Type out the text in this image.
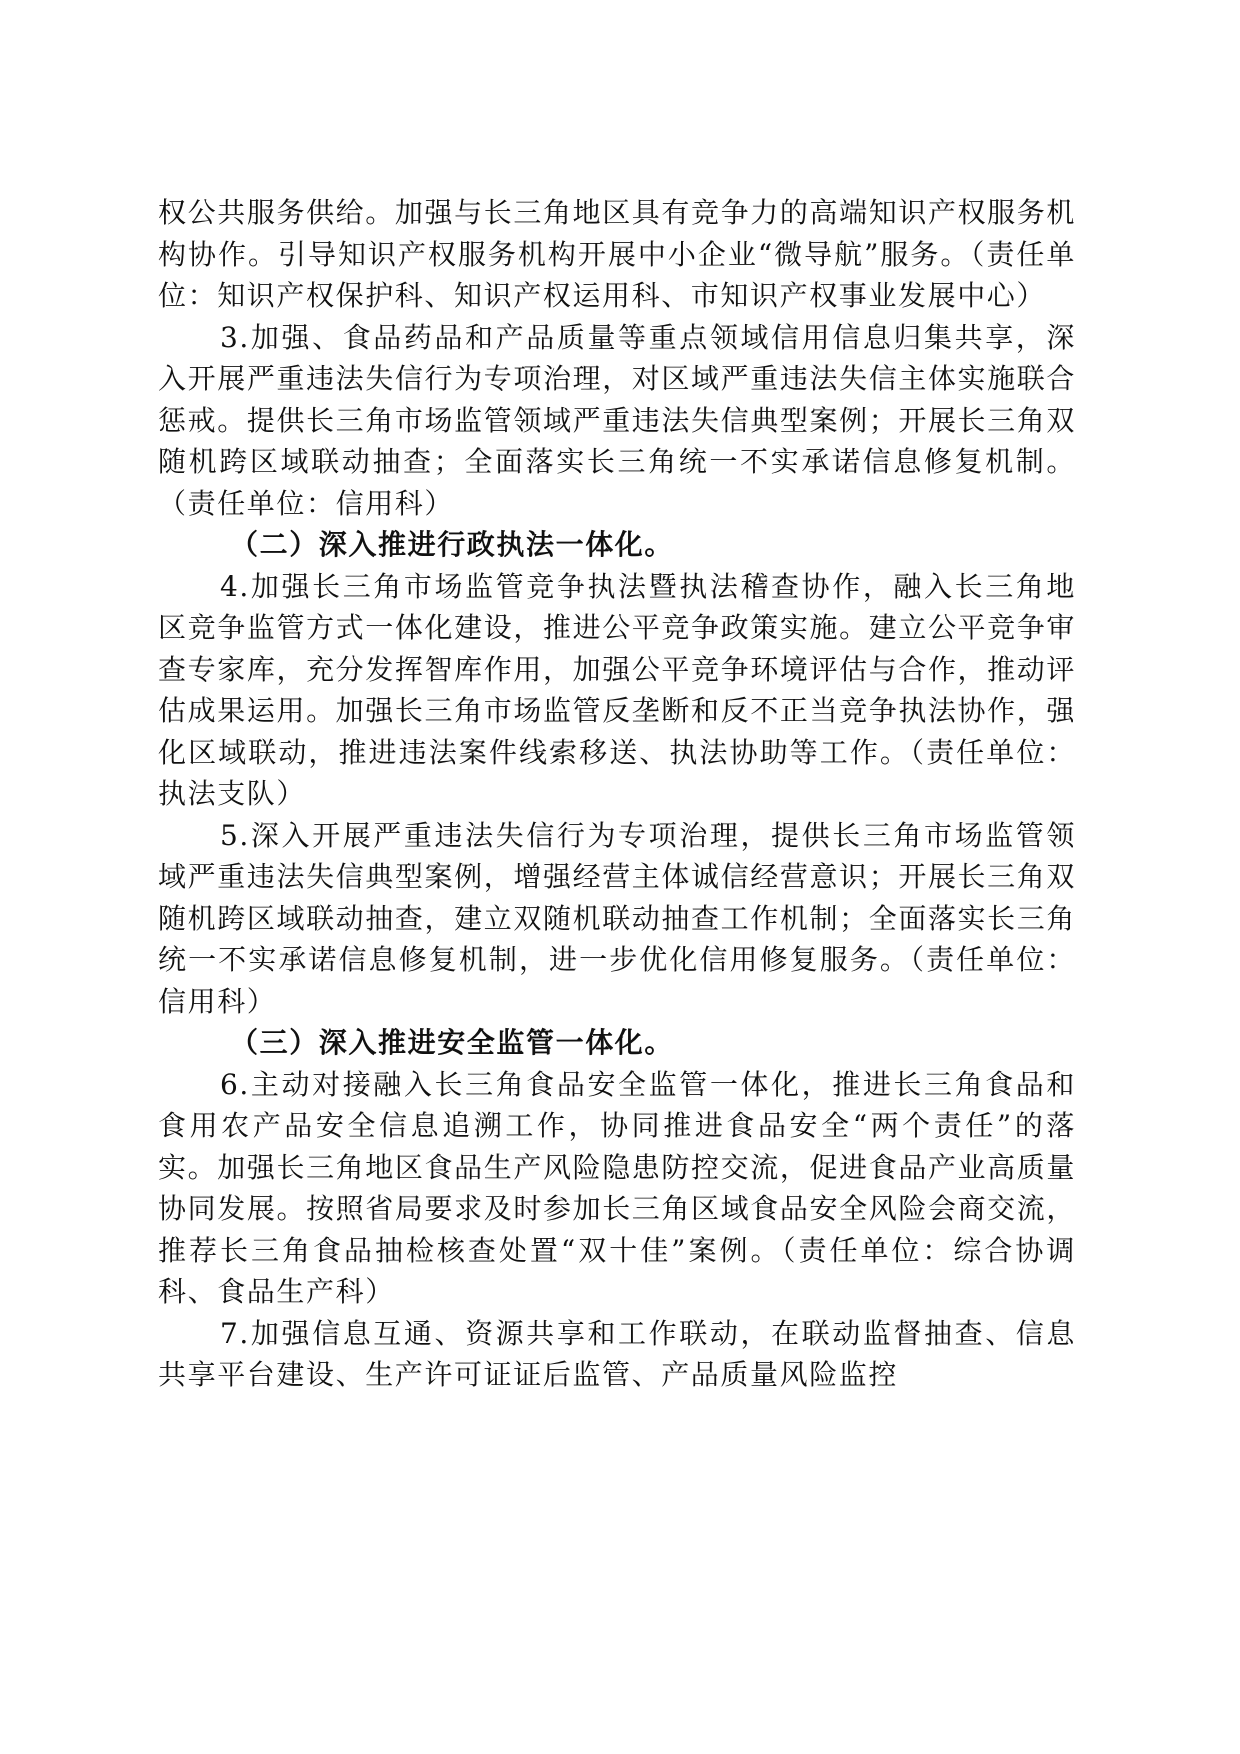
权公共服务供给。加强与长三角地区具有竞争力的高端知识产权服务机构协作。引导知识产权服务机构开展中小企业“微导航”服务。（责任单位：知识产权保护科、知识产权运用科、市知识产权事业发展中心）

3.加强、食品药品和产品质量等重点领域信用信息归集共享，深入开展严重违法失信行为专项治理，对区域严重违法失信主体实施联合惩戒。提供长三角市场监管领域严重违法失信典型案例；开展长三角双随机跨区域联动抽查；全面落实长三角统一不实承诺信息修复机制。（责任单位：信用科）

（二）深入推进行政执法一体化。

4.加强长三角市场监管竞争执法暨执法稽查协作，融入长三角地区竞争监管方式一体化建设，推进公平竞争政策实施。建立公平竞争审查专家库，充分发挥智库作用，加强公平竞争环境评估与合作，推动评估成果运用。加强长三角市场监管反垄断和反不正当竞争执法协作，强化区域联动，推进违法案件线索移送、执法协助等工作。（责任单位：执法支队）

5.深入开展严重违法失信行为专项治理，提供长三角市场监管领域严重违法失信典型案例，增强经营主体诚信经营意识；开展长三角双随机跨区域联动抽查，建立双随机联动抽查工作机制；全面落实长三角统一不实承诺信息修复机制，进一步优化信用修复服务。（责任单位：信用科）

（三）深入推进安全监管一体化。

6.主动对接融入长三角食品安全监管一体化，推进长三角食品和食用农产品安全信息追溯工作，协同推进食品安全“两个责任”的落实。加强长三角地区食品生产风险隐患防控交流，促进食品产业高质量协同发展。按照省局要求及时参加长三角区域食品安全风险会商交流，推荐长三角食品抽检核查处置“双十佳”案例。（责任单位：综合协调科、食品生产科）

7.加强信息互通、资源共享和工作联动，在联动监督抽查、信息共享平台建设、生产许可证证后监管、产品质量风险监控
